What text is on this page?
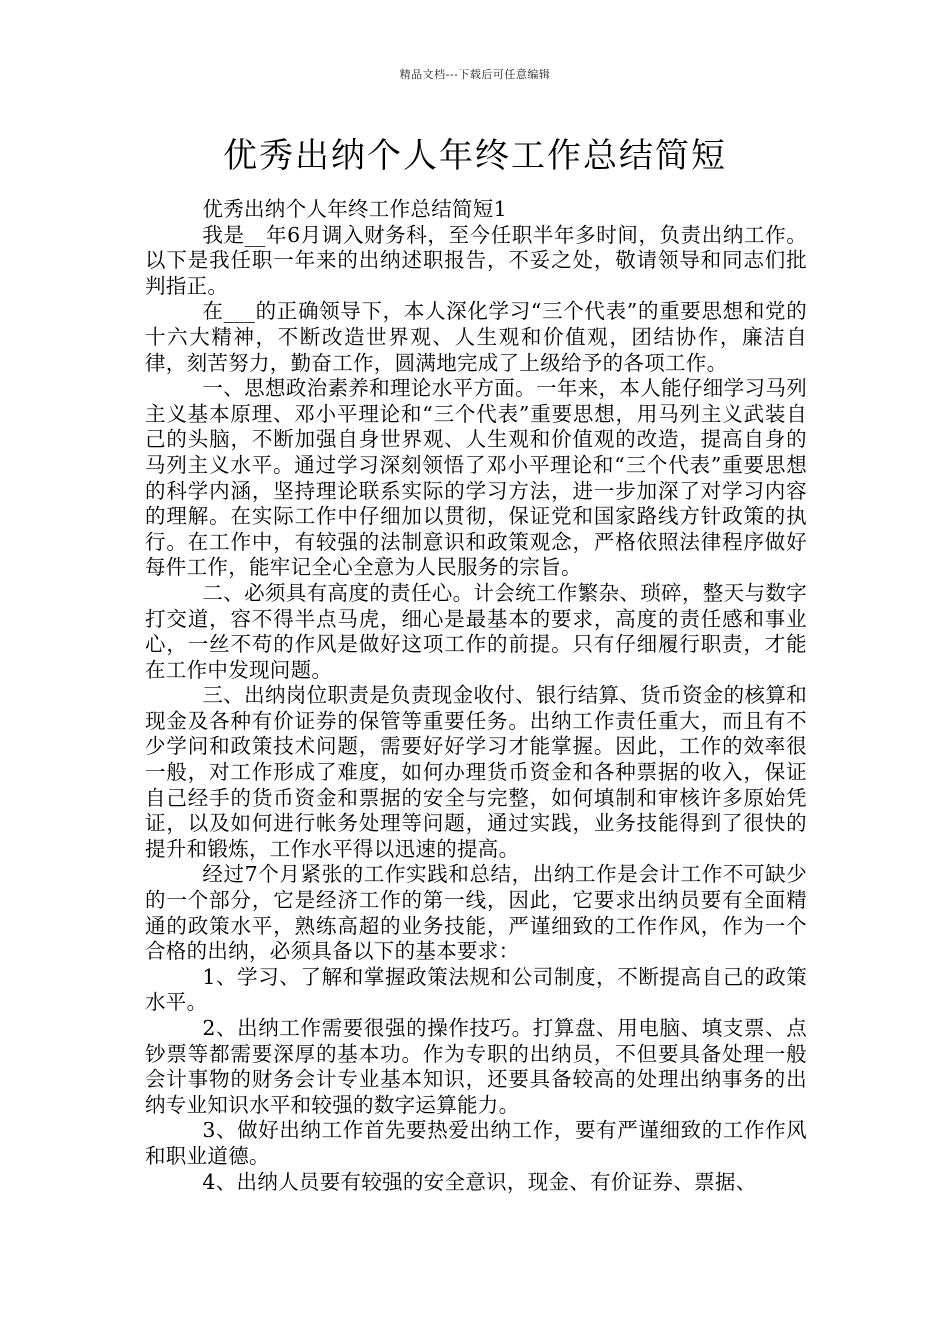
精品文档---下载后可任意编辑
优秀出纳个人年终工作总结简短

优秀出纳个人年终工作总结简短1

我是__年6月调入财务科，至今任职半年多时间，负责出纳工作。以下是我任职一年来的出纳述职报告，不妥之处，敬请领导和同志们批判指正。

在___的正确领导下，本人深化学习“三个代表”的重要思想和党的十六大精神，不断改造世界观、人生观和价值观，团结协作，廉洁自律，刻苦努力，勤奋工作，圆满地完成了上级给予的各项工作。

一、思想政治素养和理论水平方面。一年来，本人能仔细学习马列主义基本原理、邓小平理论和“三个代表”重要思想，用马列主义武装自己的头脑，不断加强自身世界观、人生观和价值观的改造，提高自身的马列主义水平。通过学习深刻领悟了邓小平理论和“三个代表”重要思想的科学内涵，坚持理论联系实际的学习方法，进一步加深了对学习内容的理解。在实际工作中仔细加以贯彻，保证党和国家路线方针政策的执行。在工作中，有较强的法制意识和政策观念，严格依照法律程序做好每件工作，能牢记全心全意为人民服务的宗旨。

二、必须具有高度的责任心。计会统工作繁杂、琐碎，整天与数字打交道，容不得半点马虎，细心是最基本的要求，高度的责任感和事业心，一丝不苟的作风是做好这项工作的前提。只有仔细履行职责，才能在工作中发现问题。

三、出纳岗位职责是负责现金收付、银行结算、货币资金的核算和现金及各种有价证券的保管等重要任务。出纳工作责任重大，而且有不少学问和政策技术问题，需要好好学习才能掌握。因此，工作的效率很一般，对工作形成了难度，如何办理货币资金和各种票据的收入，保证自己经手的货币资金和票据的安全与完整，如何填制和审核许多原始凭证，以及如何进行帐务处理等问题，通过实践，业务技能得到了很快的提升和锻炼，工作水平得以迅速的提高。

经过7个月紧张的工作实践和总结，出纳工作是会计工作不可缺少的一个部分，它是经济工作的第一线，因此，它要求出纳员要有全面精通的政策水平，熟练高超的业务技能，严谨细致的工作作风，作为一个合格的出纳，必须具备以下的基本要求：

1、学习、了解和掌握政策法规和公司制度，不断提高自己的政策水平。

2、出纳工作需要很强的操作技巧。打算盘、用电脑、填支票、点钞票等都需要深厚的基本功。作为专职的出纳员，不但要具备处理一般会计事物的财务会计专业基本知识，还要具备较高的处理出纳事务的出纳专业知识水平和较强的数字运算能力。

3、做好出纳工作首先要热爱出纳工作，要有严谨细致的工作作风和职业道德。

4、出纳人员要有较强的安全意识，现金、有价证券、票据、
